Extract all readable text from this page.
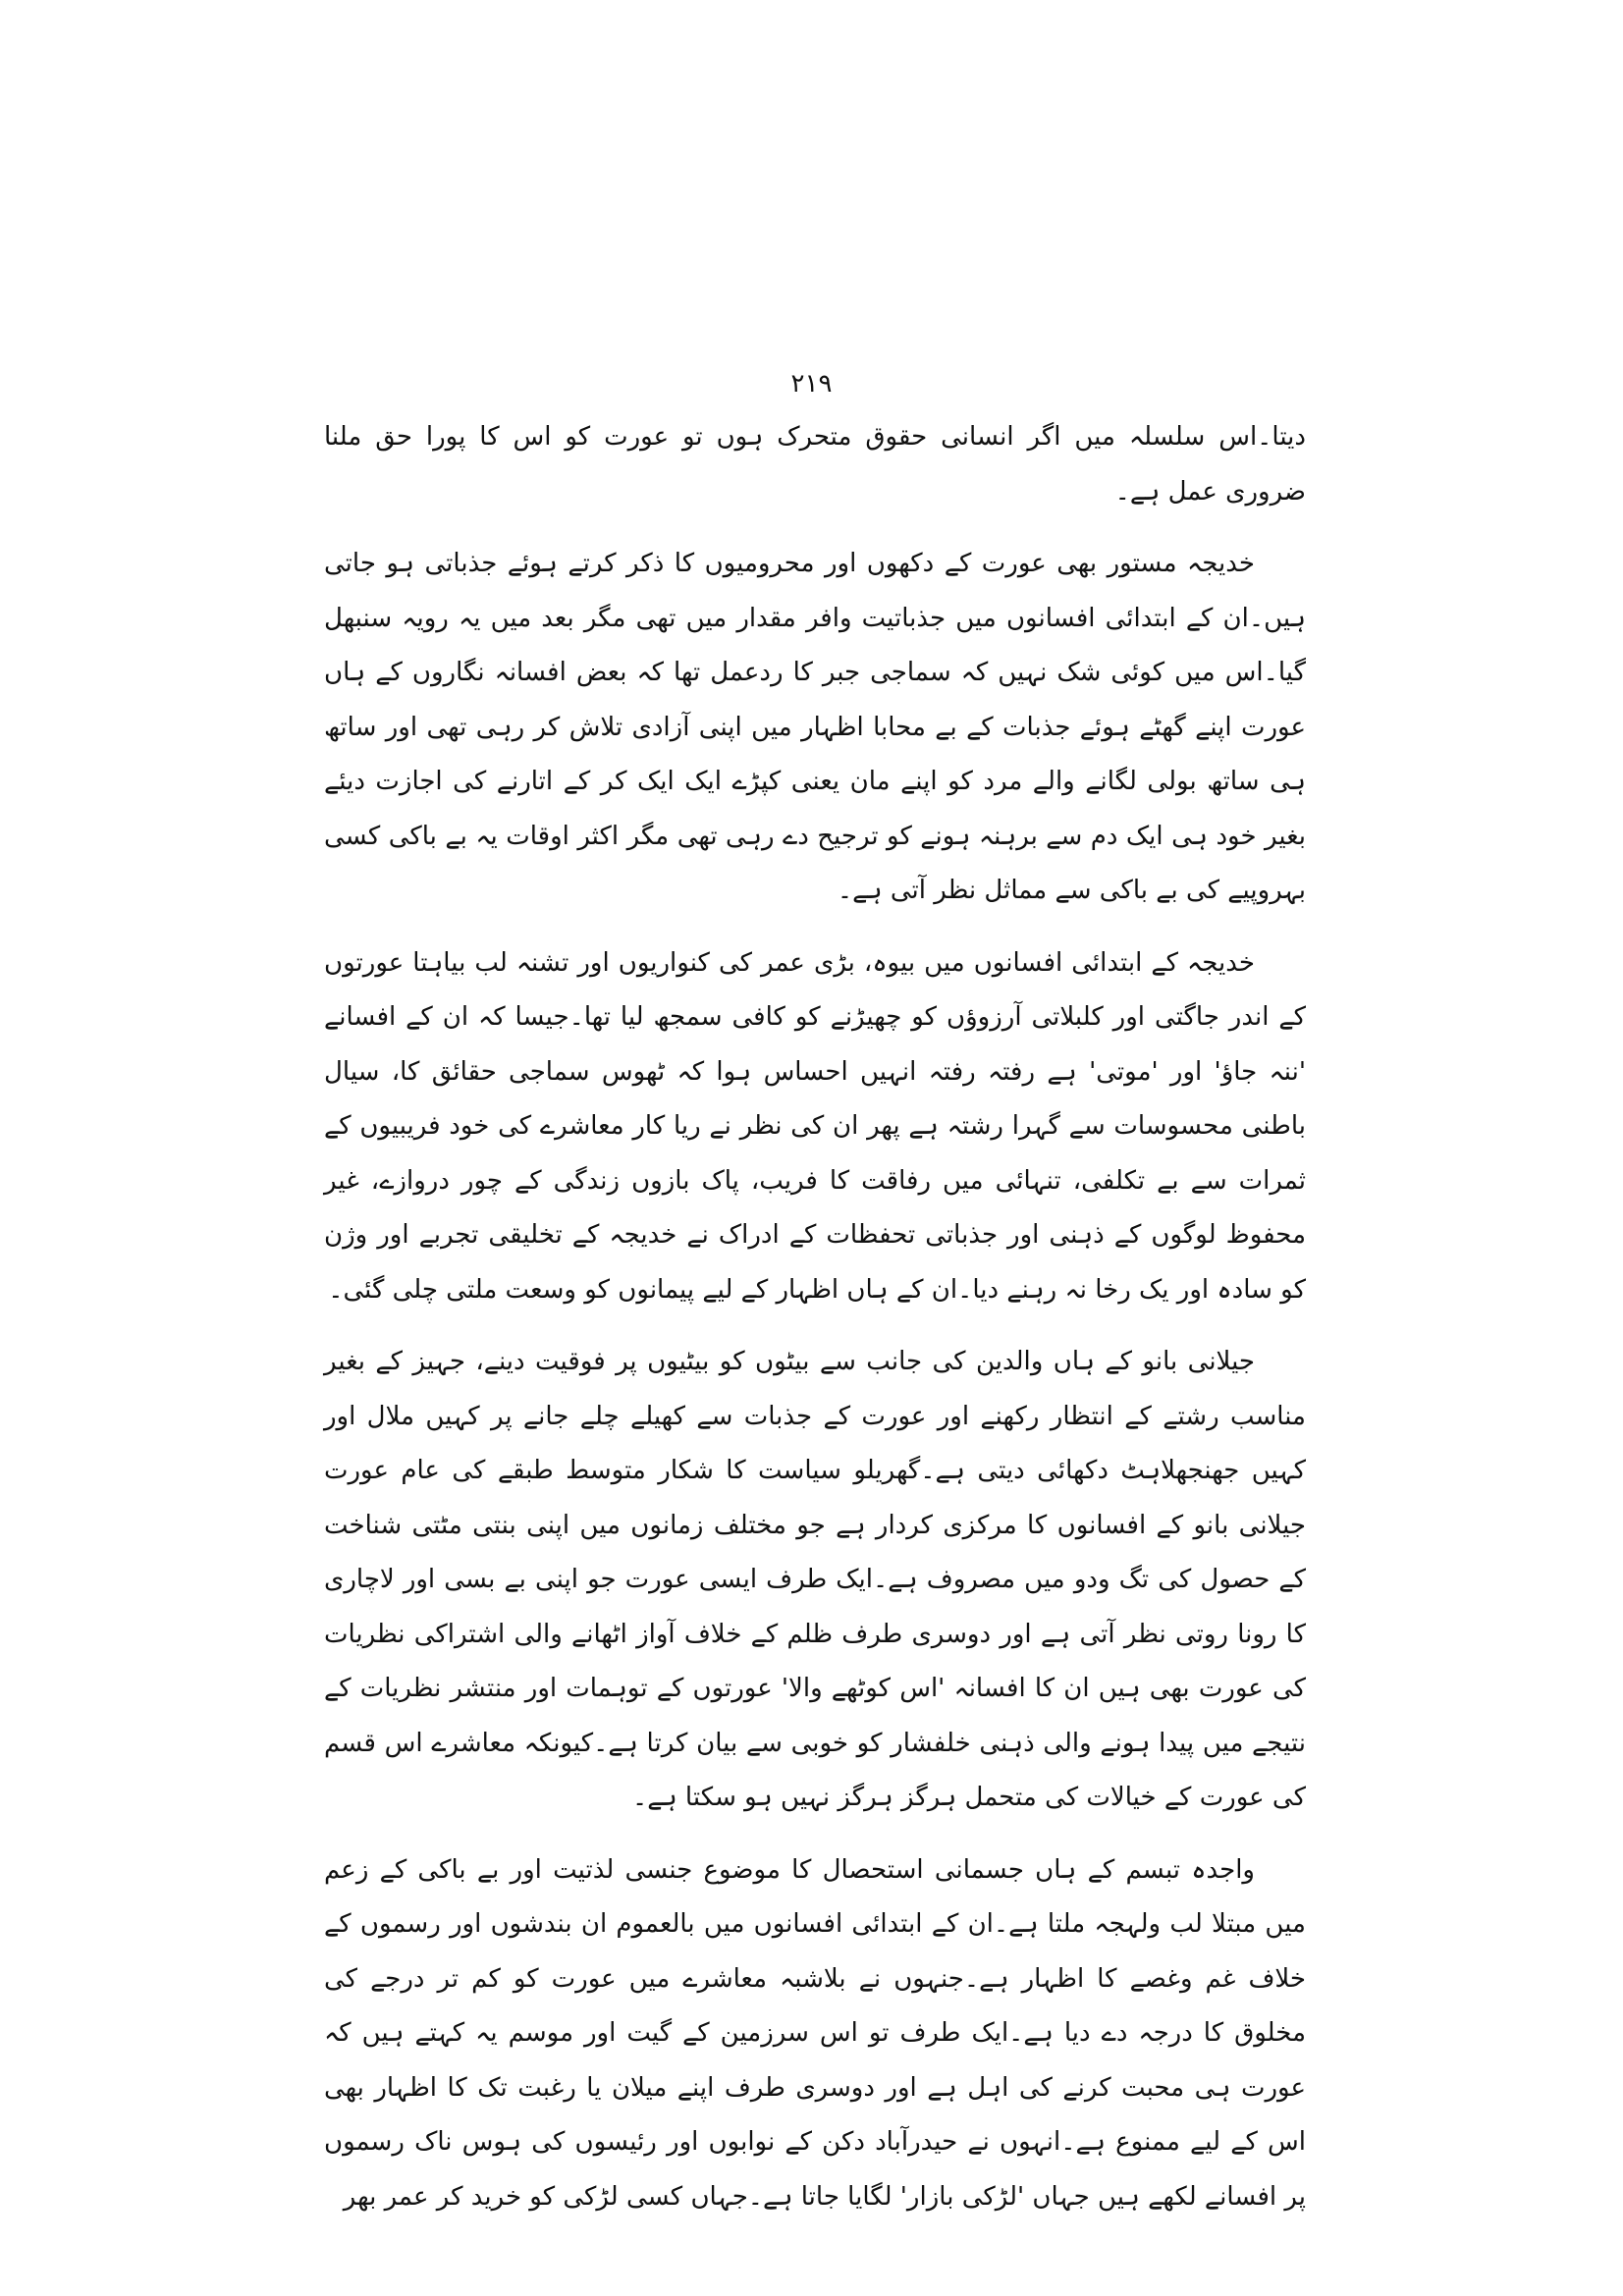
۲۱۹

دیتا۔اس سلسلہ میں اگر انسانی حقوق متحرک ہوں تو عورت کو اس کا پورا حق ملنا ضروری عمل ہے۔

خدیجہ مستور بھی عورت کے دکھوں اور محرومیوں کا ذکر کرتے ہوئے جذباتی ہو جاتی ہیں۔ان کے ابتدائی افسانوں میں جذباتیت وافر مقدار میں تھی مگر بعد میں یہ رویہ سنبھل گیا۔اس میں کوئی شک نہیں کہ سماجی جبر کا ردعمل تھا کہ بعض افسانہ نگاروں کے ہاں عورت اپنے گھٹے ہوئے جذبات کے بے محابا اظہار میں اپنی آزادی تلاش کر رہی تھی اور ساتھ ہی ساتھ بولی لگانے والے مرد کو اپنے مان یعنی کپڑے ایک ایک کر کے اتارنے کی اجازت دیئے بغیر خود ہی ایک دم سے برہنہ ہونے کو ترجیح دے رہی تھی مگر اکثر اوقات یہ بے باکی کسی بہروپیے کی بے باکی سے مماثل نظر آتی ہے۔

خدیجہ کے ابتدائی افسانوں میں بیوہ، بڑی عمر کی کنواریوں اور تشنہ لب بیاہتا عورتوں کے اندر جاگتی اور کلبلاتی آرزوؤں کو چھیڑنے کو کافی سمجھ لیا تھا۔جیسا کہ ان کے افسانے 'ننہ جاؤ' اور 'موتی' ہے رفتہ رفتہ انہیں احساس ہوا کہ ٹھوس سماجی حقائق کا، سیال باطنی محسوسات سے گہرا رشتہ ہے پھر ان کی نظر نے ریا کار معاشرے کی خود فریبیوں کے ثمرات سے بے تکلفی، تنہائی میں رفاقت کا فریب، پاک بازوں زندگی کے چور دروازے، غیر محفوظ لوگوں کے ذہنی اور جذباتی تحفظات کے ادراک نے خدیجہ کے تخلیقی تجربے اور وژن کو سادہ اور یک رخا نہ رہنے دیا۔ان کے ہاں اظہار کے لیے پیمانوں کو وسعت ملتی چلی گئی۔

جیلانی بانو کے ہاں والدین کی جانب سے بیٹوں کو بیٹیوں پر فوقیت دینے، جہیز کے بغیر مناسب رشتے کے انتظار رکھنے اور عورت کے جذبات سے کھیلے چلے جانے پر کہیں ملال اور کہیں جھنجھلاہٹ دکھائی دیتی ہے۔گھریلو سیاست کا شکار متوسط طبقے کی عام عورت جیلانی بانو کے افسانوں کا مرکزی کردار ہے جو مختلف زمانوں میں اپنی بنتی مٹتی شناخت کے حصول کی تگ ودو میں مصروف ہے۔ایک طرف ایسی عورت جو اپنی بے بسی اور لاچاری کا رونا روتی نظر آتی ہے اور دوسری طرف ظلم کے خلاف آواز اٹھانے والی اشتراکی نظریات کی عورت بھی ہیں ان کا افسانہ 'اس کوٹھے والا' عورتوں کے توہمات اور منتشر نظریات کے نتیجے میں پیدا ہونے والی ذہنی خلفشار کو خوبی سے بیان کرتا ہے۔کیونکہ معاشرے اس قسم کی عورت کے خیالات کی متحمل ہرگز ہرگز نہیں ہو سکتا ہے۔

واجدہ تبسم کے ہاں جسمانی استحصال کا موضوع جنسی لذتیت اور بے باکی کے زعم میں مبتلا لب ولہجہ ملتا ہے۔ان کے ابتدائی افسانوں میں بالعموم ان بندشوں اور رسموں کے خلاف غم وغصے کا اظہار ہے۔جنہوں نے بلاشبہ معاشرے میں عورت کو کم تر درجے کی مخلوق کا درجہ دے دیا ہے۔ایک طرف تو اس سرزمین کے گیت اور موسم یہ کہتے ہیں کہ عورت ہی محبت کرنے کی اہل ہے اور دوسری طرف اپنے میلان یا رغبت تک کا اظہار بھی اس کے لیے ممنوع ہے۔انہوں نے حیدرآباد دکن کے نوابوں اور رئیسوں کی ہوس ناک رسموں پر افسانے لکھے ہیں جہاں 'لڑکی بازار' لگایا جاتا ہے۔جہاں کسی لڑکی کو خرید کر عمر بھر
